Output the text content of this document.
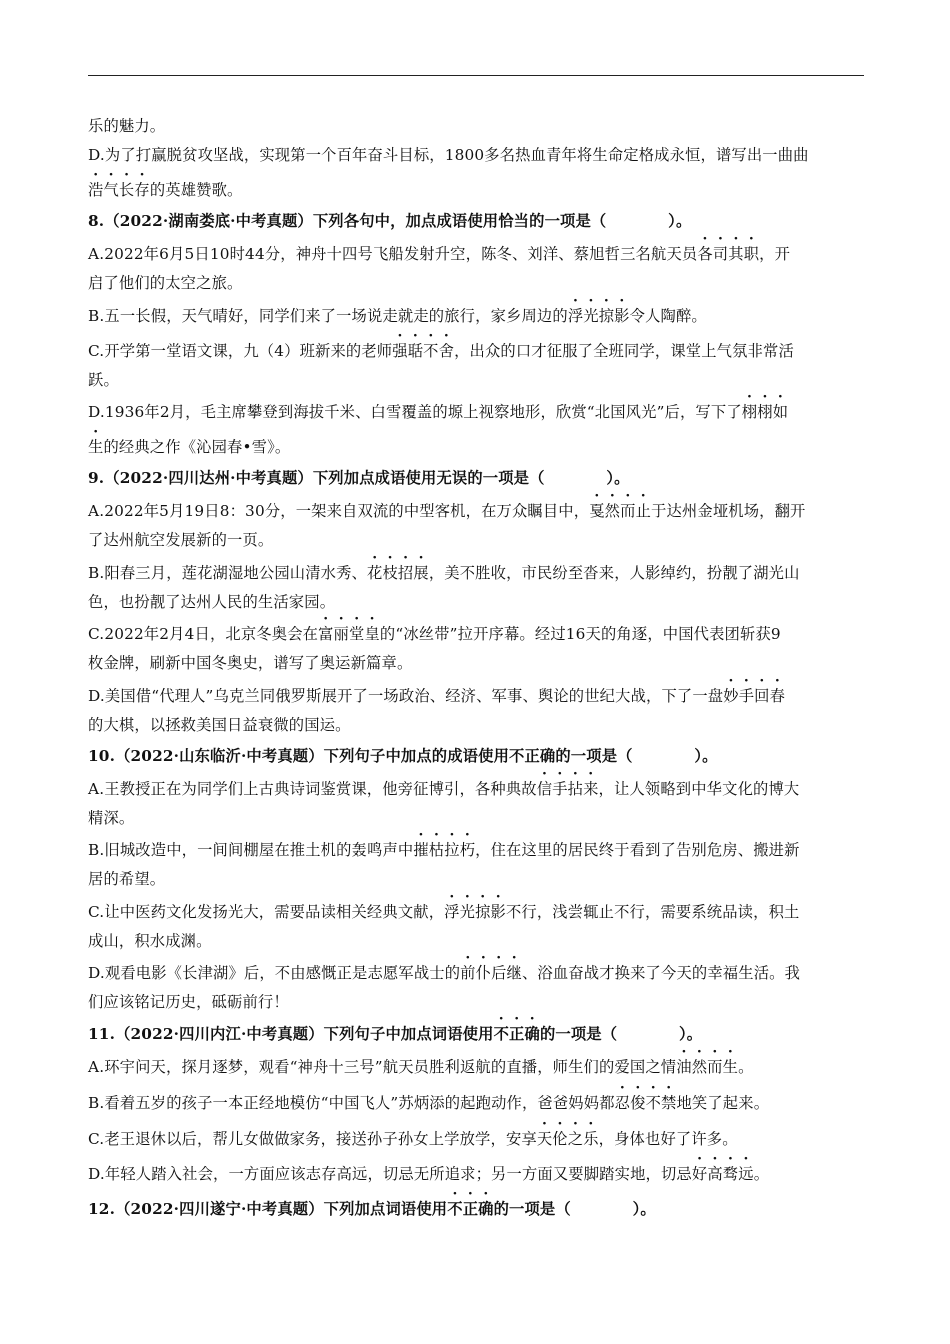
乐的魅力。
D.为了打赢脱贫攻坚战，实现第一个百年奋斗目标，1800多名热血青年将生命定格成永恒，谱写出一曲曲
浩气长存的英雄赞歌。
8.（2022·湖南娄底·中考真题）下列各句中，加点成语使用恰当的一项是（　　　　）。
A.2022年6月5日10时44分，神舟十四号飞船发射升空，陈冬、刘洋、蔡旭哲三名航天员各司其职，开
启了他们的太空之旅。
B.五一长假，天气晴好，同学们来了一场说走就走的旅行，家乡周边的浮光掠影令人陶醉。
C.开学第一堂语文课，九（4）班新来的老师强聒不舍，出众的口才征服了全班同学，课堂上气氛非常活
跃。
D.1936年2月，毛主席攀登到海拔千米、白雪覆盖的塬上视察地形，欣赏“北国风光”后，写下了栩栩如
生的经典之作《沁园春•雪》。
9.（2022·四川达州·中考真题）下列加点成语使用无误的一项是（　　　　）。
A.2022年5月19日8：30分，一架来自双流的中型客机，在万众瞩目中，戛然而止于达州金垭机场，翻开
了达州航空发展新的一页。
B.阳春三月，莲花湖湿地公园山清水秀、花枝招展，美不胜收，市民纷至沓来，人影绰约，扮靓了湖光山
色，也扮靓了达州人民的生活家园。
C.2022年2月4日，北京冬奥会在富丽堂皇的“冰丝带”拉开序幕。经过16天的角逐，中国代表团斩获9
枚金牌，刷新中国冬奥史，谱写了奥运新篇章。
D.美国借“代理人”乌克兰同俄罗斯展开了一场政治、经济、军事、舆论的世纪大战，下了一盘妙手回春
的大棋，以拯救美国日益衰微的国运。
10.（2022·山东临沂·中考真题）下列句子中加点的成语使用不正确的一项是（　　　　）。
A.王教授正在为同学们上古典诗词鉴赏课，他旁征博引，各种典故信手拈来，让人领略到中华文化的博大
精深。
B.旧城改造中，一间间棚屋在推土机的轰鸣声中摧枯拉朽，住在这里的居民终于看到了告别危房、搬进新
居的希望。
C.让中医药文化发扬光大，需要品读相关经典文献，浮光掠影不行，浅尝辄止不行，需要系统品读，积土
成山，积水成渊。
D.观看电影《长津湖》后，不由感慨正是志愿军战士的前仆后继、浴血奋战才换来了今天的幸福生活。我
们应该铭记历史，砥砺前行！
11.（2022·四川内江·中考真题）下列句子中加点词语使用不正确的一项是（　　　　）。
A.环宇问天，探月逐梦，观看“神舟十三号”航天员胜利返航的直播，师生们的爱国之情油然而生。
B.看着五岁的孩子一本正经地模仿“中国飞人”苏炳添的起跑动作，爸爸妈妈都忍俊不禁地笑了起来。
C.老王退休以后，帮儿女做做家务，接送孙子孙女上学放学，安享天伦之乐，身体也好了许多。
D.年轻人踏入社会，一方面应该志存高远，切忌无所追求；另一方面又要脚踏实地，切忌好高骛远。
12.（2022·四川遂宁·中考真题）下列加点词语使用不正确的一项是（　　　　）。
